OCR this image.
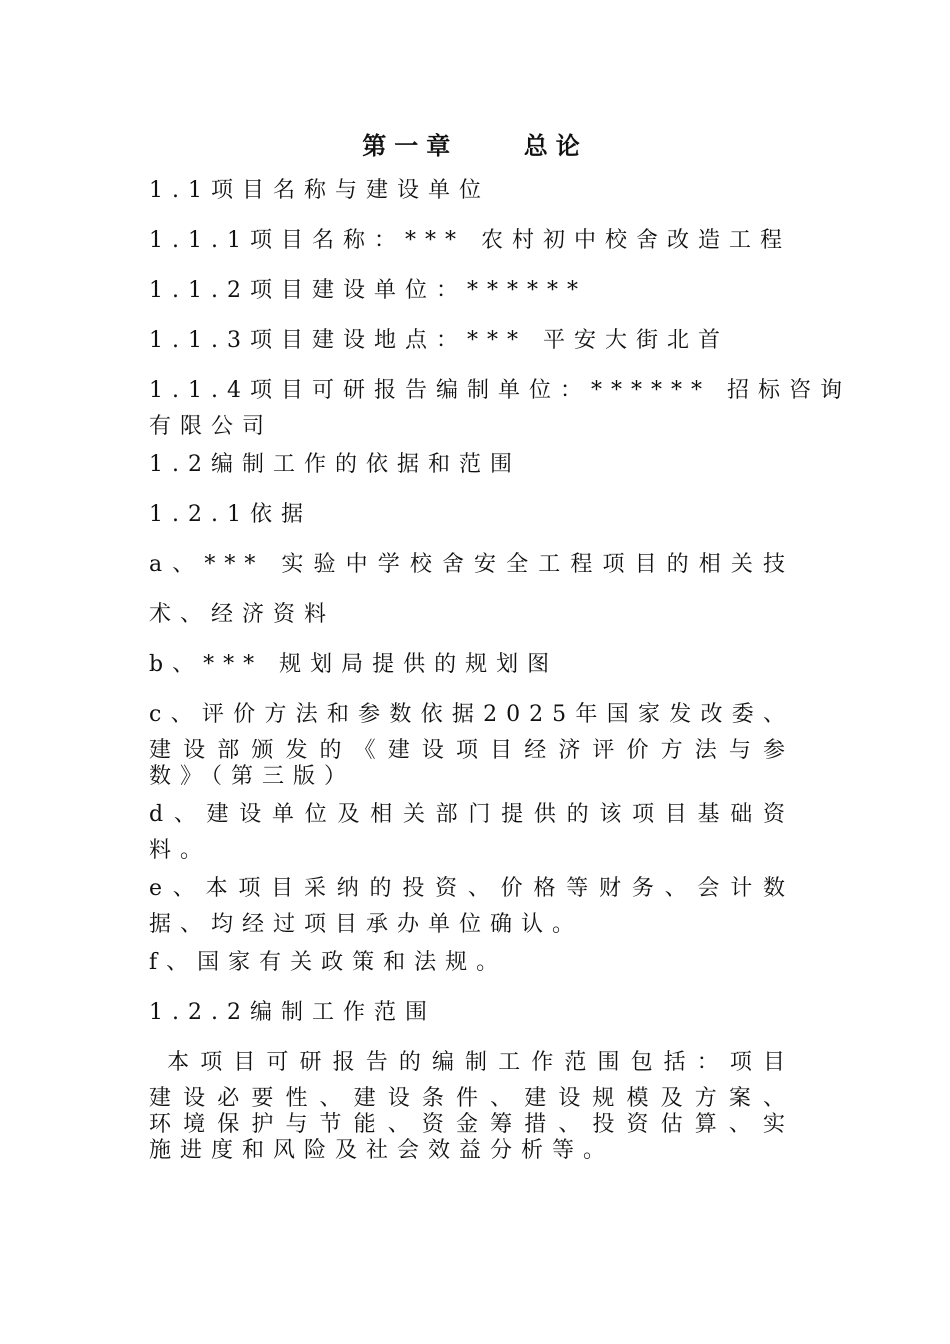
第一章    总论
1.1项目名称与建设单位
1.1.1项目名称：*** 农村初中校舍改造工程
1.1.2项目建设单位：******
1.1.3项目建设地点：*** 平安大街北首
1.1.4项目可研报告编制单位：****** 招标咨询
有限公司
1.2编制工作的依据和范围
1.2.1依据
a、*** 实验中学校舍安全工程项目的相关技
术、经济资料
b、*** 规划局提供的规划图
c、评价方法和参数依据2025年国家发改委、
建设部颁发的《建设项目经济评价方法与参
数》（第三版）
d、建设单位及相关部门提供的该项目基础资
料。
e、本项目采纳的投资、价格等财务、会计数
据、均经过项目承办单位确认。
f、国家有关政策和法规。
1.2.2编制工作范围
本项目可研报告的编制工作范围包括：项目
建设必要性、建设条件、建设规模及方案、
环境保护与节能、资金筹措、投资估算、实
施进度和风险及社会效益分析等。
